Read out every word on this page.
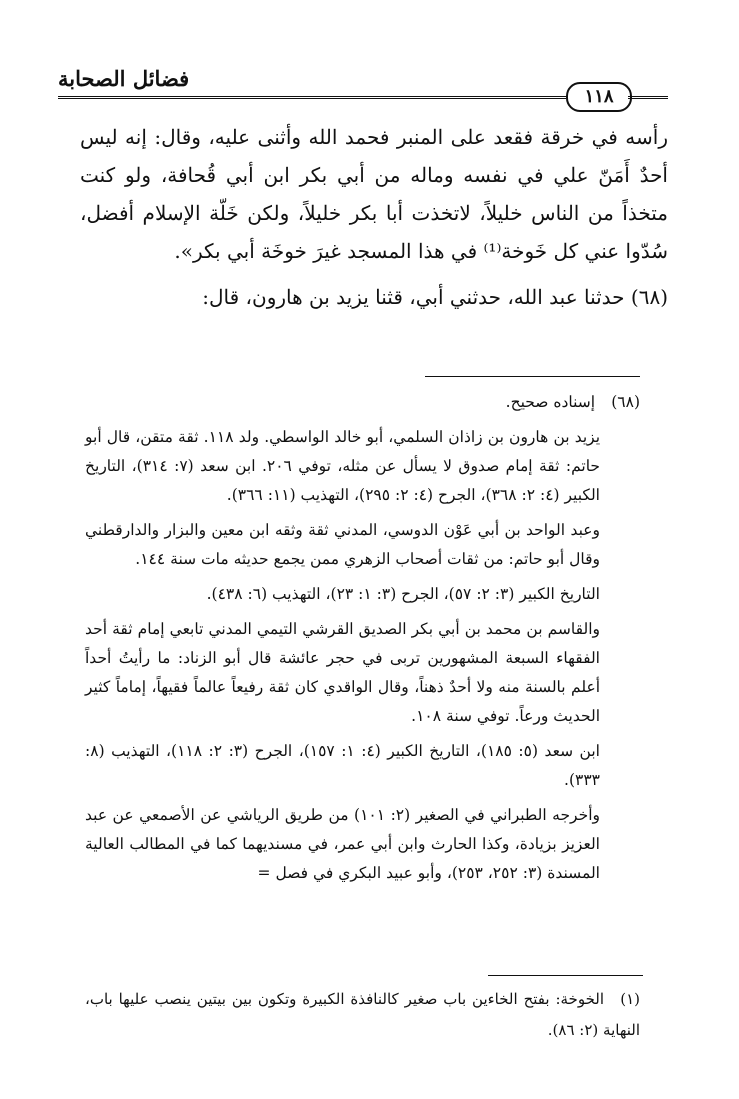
فضائل الصحابة
١١٨

رأسه في خرقة فقعد على المنبر فحمد الله وأثنى عليه، وقال: إنه ليس أحدٌ أَمَنّ علي في نفسه وماله من أبي بكر ابن أبي قُحافة، ولو كنت متخذاً من الناس خليلاً، لاتخذت أبا بكر خليلاً، ولكن خَلّة الإسلام أفضل، سُدّوا عني كل خَوخة⁽¹⁾ في هذا المسجد غيرَ خوخَة أبي بكر».

(٦٨) حدثنا عبد الله، حدثني أبي، قثنا يزيد بن هارون، قال:

(٦٨) إسناده صحيح.

يزيد بن هارون بن زاذان السلمي، أبو خالد الواسطي. ولد ١١٨. ثقة متقن، قال أبو حاتم: ثقة إمام صدوق لا يسأل عن مثله، توفي ٢٠٦. ابن سعد (٧: ٣١٤)، التاريخ الكبير (٤: ٢: ٣٦٨)، الجرح (٤: ٢: ٢٩٥)، التهذيب (١١: ٣٦٦).

وعبد الواحد بن أبي عَوْن الدوسي، المدني ثقة وثقه ابن معين والبزار والدارقطني وقال أبو حاتم: من ثقات أصحاب الزهري ممن يجمع حديثه مات سنة ١٤٤.

التاريخ الكبير (٣: ٢: ٥٧)، الجرح (٣: ١: ٢٣)، التهذيب (٦: ٤٣٨).

والقاسم بن محمد بن أبي بكر الصديق القرشي التيمي المدني تابعي إمام ثقة أحد الفقهاء السبعة المشهورين تربى في حجر عائشة قال أبو الزناد: ما رأيتُ أحداً أعلم بالسنة منه ولا أحدٌ ذهناً، وقال الواقدي كان ثقة رفيعاً عالماً فقيهاً، إماماً كثير الحديث ورعاً. توفي سنة ١٠٨.

ابن سعد (٥: ١٨٥)، التاريخ الكبير (٤: ١: ١٥٧)، الجرح (٣: ٢: ١١٨)، التهذيب (٨: ٣٣٣).

وأخرجه الطبراني في الصغير (٢: ١٠١) من طريق الرياشي عن الأصمعي عن عبد العزيز بزيادة، وكذا الحارث وابن أبي عمر، في مسنديهما كما في المطالب العالية المسندة (٣: ٢٥٢، ٢٥٣)، وأبو عبيد البكري في فصل =

(١)الخوخة: بفتح الخاءين باب صغير كالنافذة الكبيرة وتكون بين بيتين ينصب عليها باب، النهاية (٢: ٨٦).
